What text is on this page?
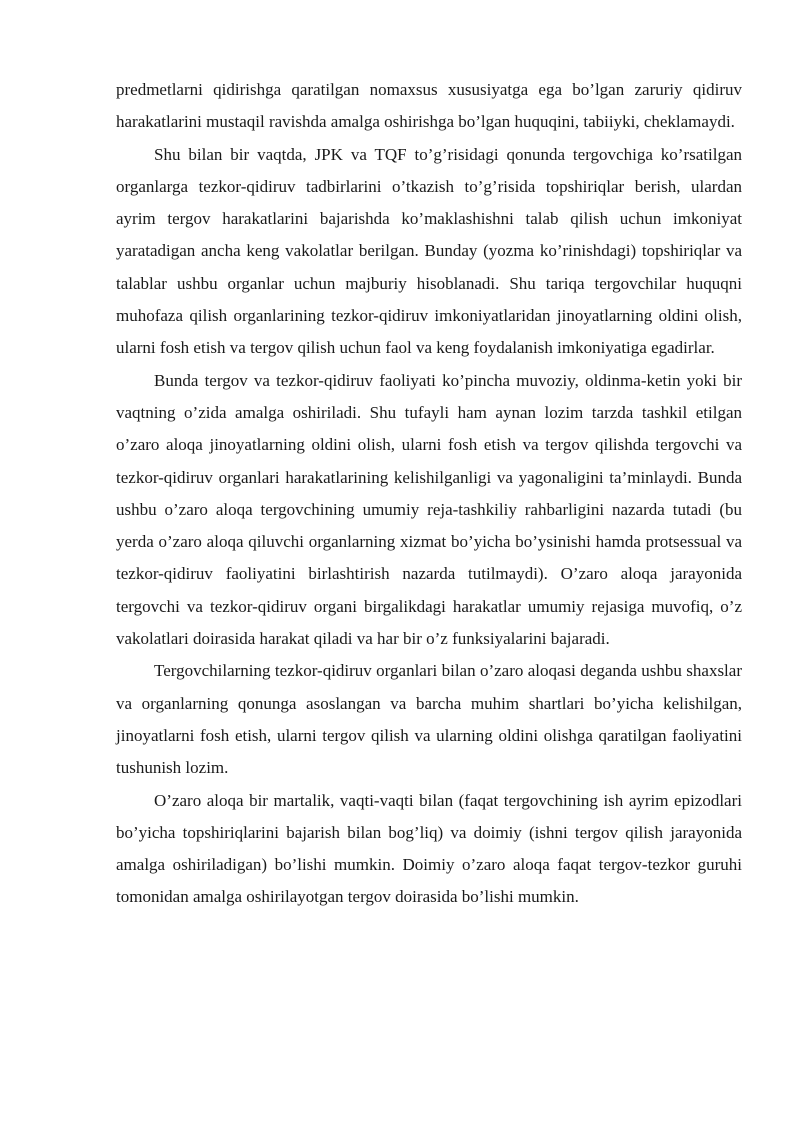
predmetlarni qidirishga qaratilgan nomaxsus xususiyatga ega bo’lgan zaruriy qidiruv harakatlarini mustaqil ravishda amalga oshirishga bo’lgan huquqini, tabiiyki, cheklamaydi.

Shu bilan bir vaqtda, JPK va TQF to’g’risidagi qonunda tergovchiga ko’rsatilgan organlarga tezkor-qidiruv tadbirlarini o’tkazish to’g’risida topshiriqlar berish, ulardan ayrim tergov harakatlarini bajarishda ko’maklashishni talab qilish uchun imkoniyat yaratadigan ancha keng vakolatlar berilgan. Bunday (yozma ko’rinishdagi) topshiriqlar va talablar ushbu organlar uchun majburiy hisoblanadi. Shu tariqa tergovchilar huquqni muhofaza qilish organlarining tezkor-qidiruv imkoniyatlaridan jinoyatlarning oldini olish, ularni fosh etish va tergov qilish uchun faol va keng foydalanish imkoniyatiga egadirlar.

Bunda tergov va tezkor-qidiruv faoliyati ko’pincha muvoziy, oldinma-ketin yoki bir vaqtning o’zida amalga oshiriladi. Shu tufayli ham aynan lozim tarzda tashkil etilgan o’zaro aloqa jinoyatlarning oldini olish, ularni fosh etish va tergov qilishda tergovchi va tezkor-qidiruv organlari harakatlarining kelishilganligi va yagonaligini ta’minlaydi. Bunda ushbu o’zaro aloqa tergovchining umumiy reja-tashkiliy rahbarligini nazarda tutadi (bu yerda o’zaro aloqa qiluvchi organlarning xizmat bo’yicha bo’ysinishi hamda protsessual va tezkor-qidiruv faoliyatini birlashtirish nazarda tutilmaydi). O’zaro aloqa jarayonida tergovchi va tezkor-qidiruv organi birgalikdagi harakatlar umumiy rejasiga muvofiq, o’z vakolatlari doirasida harakat qiladi va har bir o’z funksiyalarini bajaradi.

Tergovchilarning tezkor-qidiruv organlari bilan o’zaro aloqasi deganda ushbu shaxslar va organlarning qonunga asoslangan va barcha muhim shartlari bo’yicha kelishilgan, jinoyatlarni fosh etish, ularni tergov qilish va ularning oldini olishga qaratilgan faoliyatini tushunish lozim.

O’zaro aloqa bir martalik, vaqti-vaqti bilan (faqat tergovchining ish ayrim epizodlari bo’yicha topshiriqlarini bajarish bilan bog’liq) va doimiy (ishni tergov qilish jarayonida amalga oshiriladigan) bo’lishi mumkin. Doimiy o’zaro aloqa faqat tergov-tezkor guruhi tomonidan amalga oshirilayotgan tergov doirasida bo’lishi mumkin.
